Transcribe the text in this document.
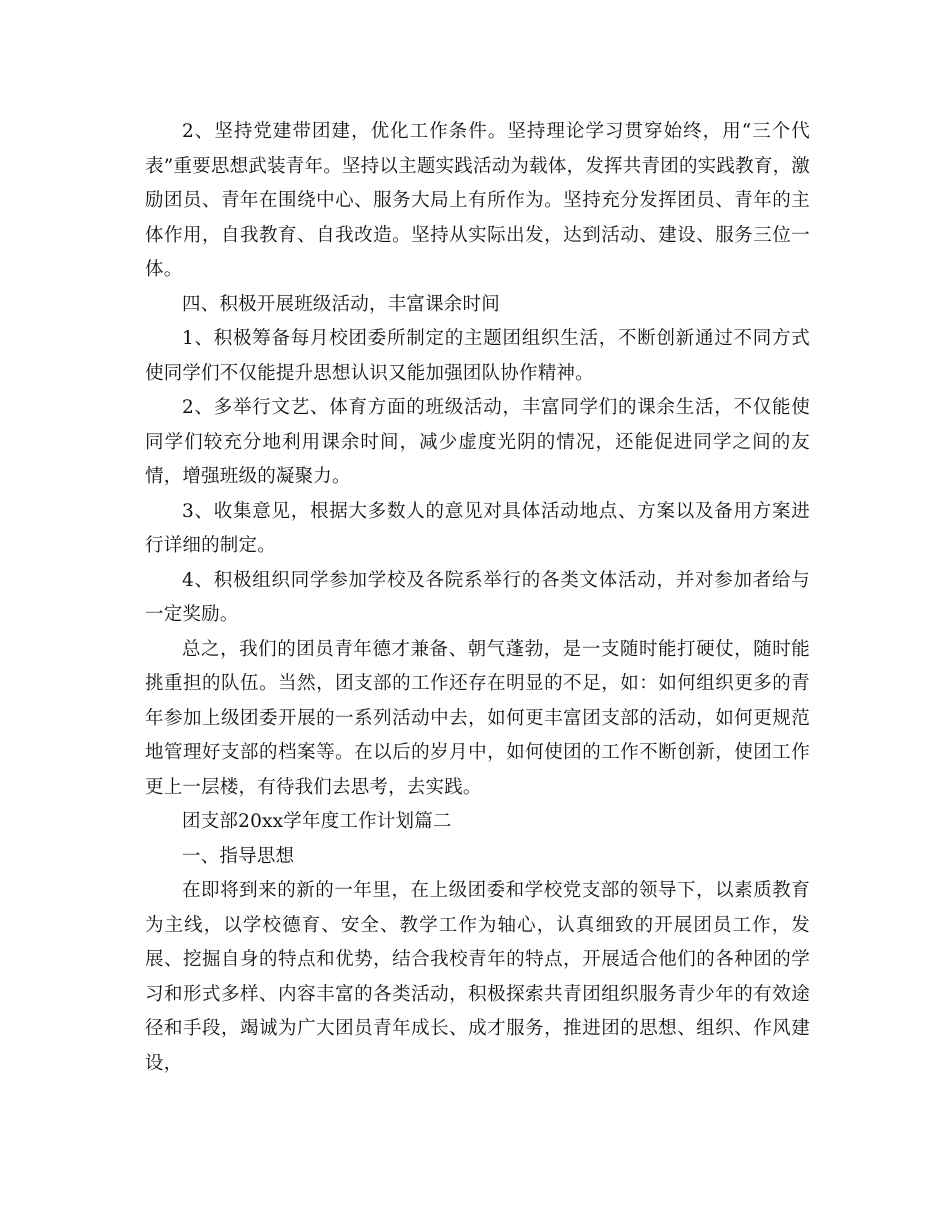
2、坚持党建带团建，优化工作条件。坚持理论学习贯穿始终，用“三个代表”重要思想武装青年。坚持以主题实践活动为载体，发挥共青团的实践教育，激励团员、青年在围绕中心、服务大局上有所作为。坚持充分发挥团员、青年的主体作用，自我教育、自我改造。坚持从实际出发，达到活动、建设、服务三位一体。

四、积极开展班级活动，丰富课余时间

1、积极筹备每月校团委所制定的主题团组织生活，不断创新通过不同方式使同学们不仅能提升思想认识又能加强团队协作精神。

2、多举行文艺、体育方面的班级活动，丰富同学们的课余生活，不仅能使同学们较充分地利用课余时间，减少虚度光阴的情况，还能促进同学之间的友情，增强班级的凝聚力。

3、收集意见，根据大多数人的意见对具体活动地点、方案以及备用方案进行详细的制定。

4、积极组织同学参加学校及各院系举行的各类文体活动，并对参加者给与一定奖励。

总之，我们的团员青年德才兼备、朝气蓬勃，是一支随时能打硬仗，随时能挑重担的队伍。当然，团支部的工作还存在明显的不足，如：如何组织更多的青年参加上级团委开展的一系列活动中去，如何更丰富团支部的活动，如何更规范地管理好支部的档案等。在以后的岁月中，如何使团的工作不断创新，使团工作更上一层楼，有待我们去思考，去实践。

团支部20xx学年度工作计划篇二

一、指导思想

在即将到来的新的一年里，在上级团委和学校党支部的领导下，以素质教育为主线，以学校德育、安全、教学工作为轴心，认真细致的开展团员工作，发展、挖掘自身的特点和优势，结合我校青年的特点，开展适合他们的各种团的学习和形式多样、内容丰富的各类活动，积极探索共青团组织服务青少年的有效途径和手段，竭诚为广大团员青年成长、成才服务，推进团的思想、组织、作风建设，
